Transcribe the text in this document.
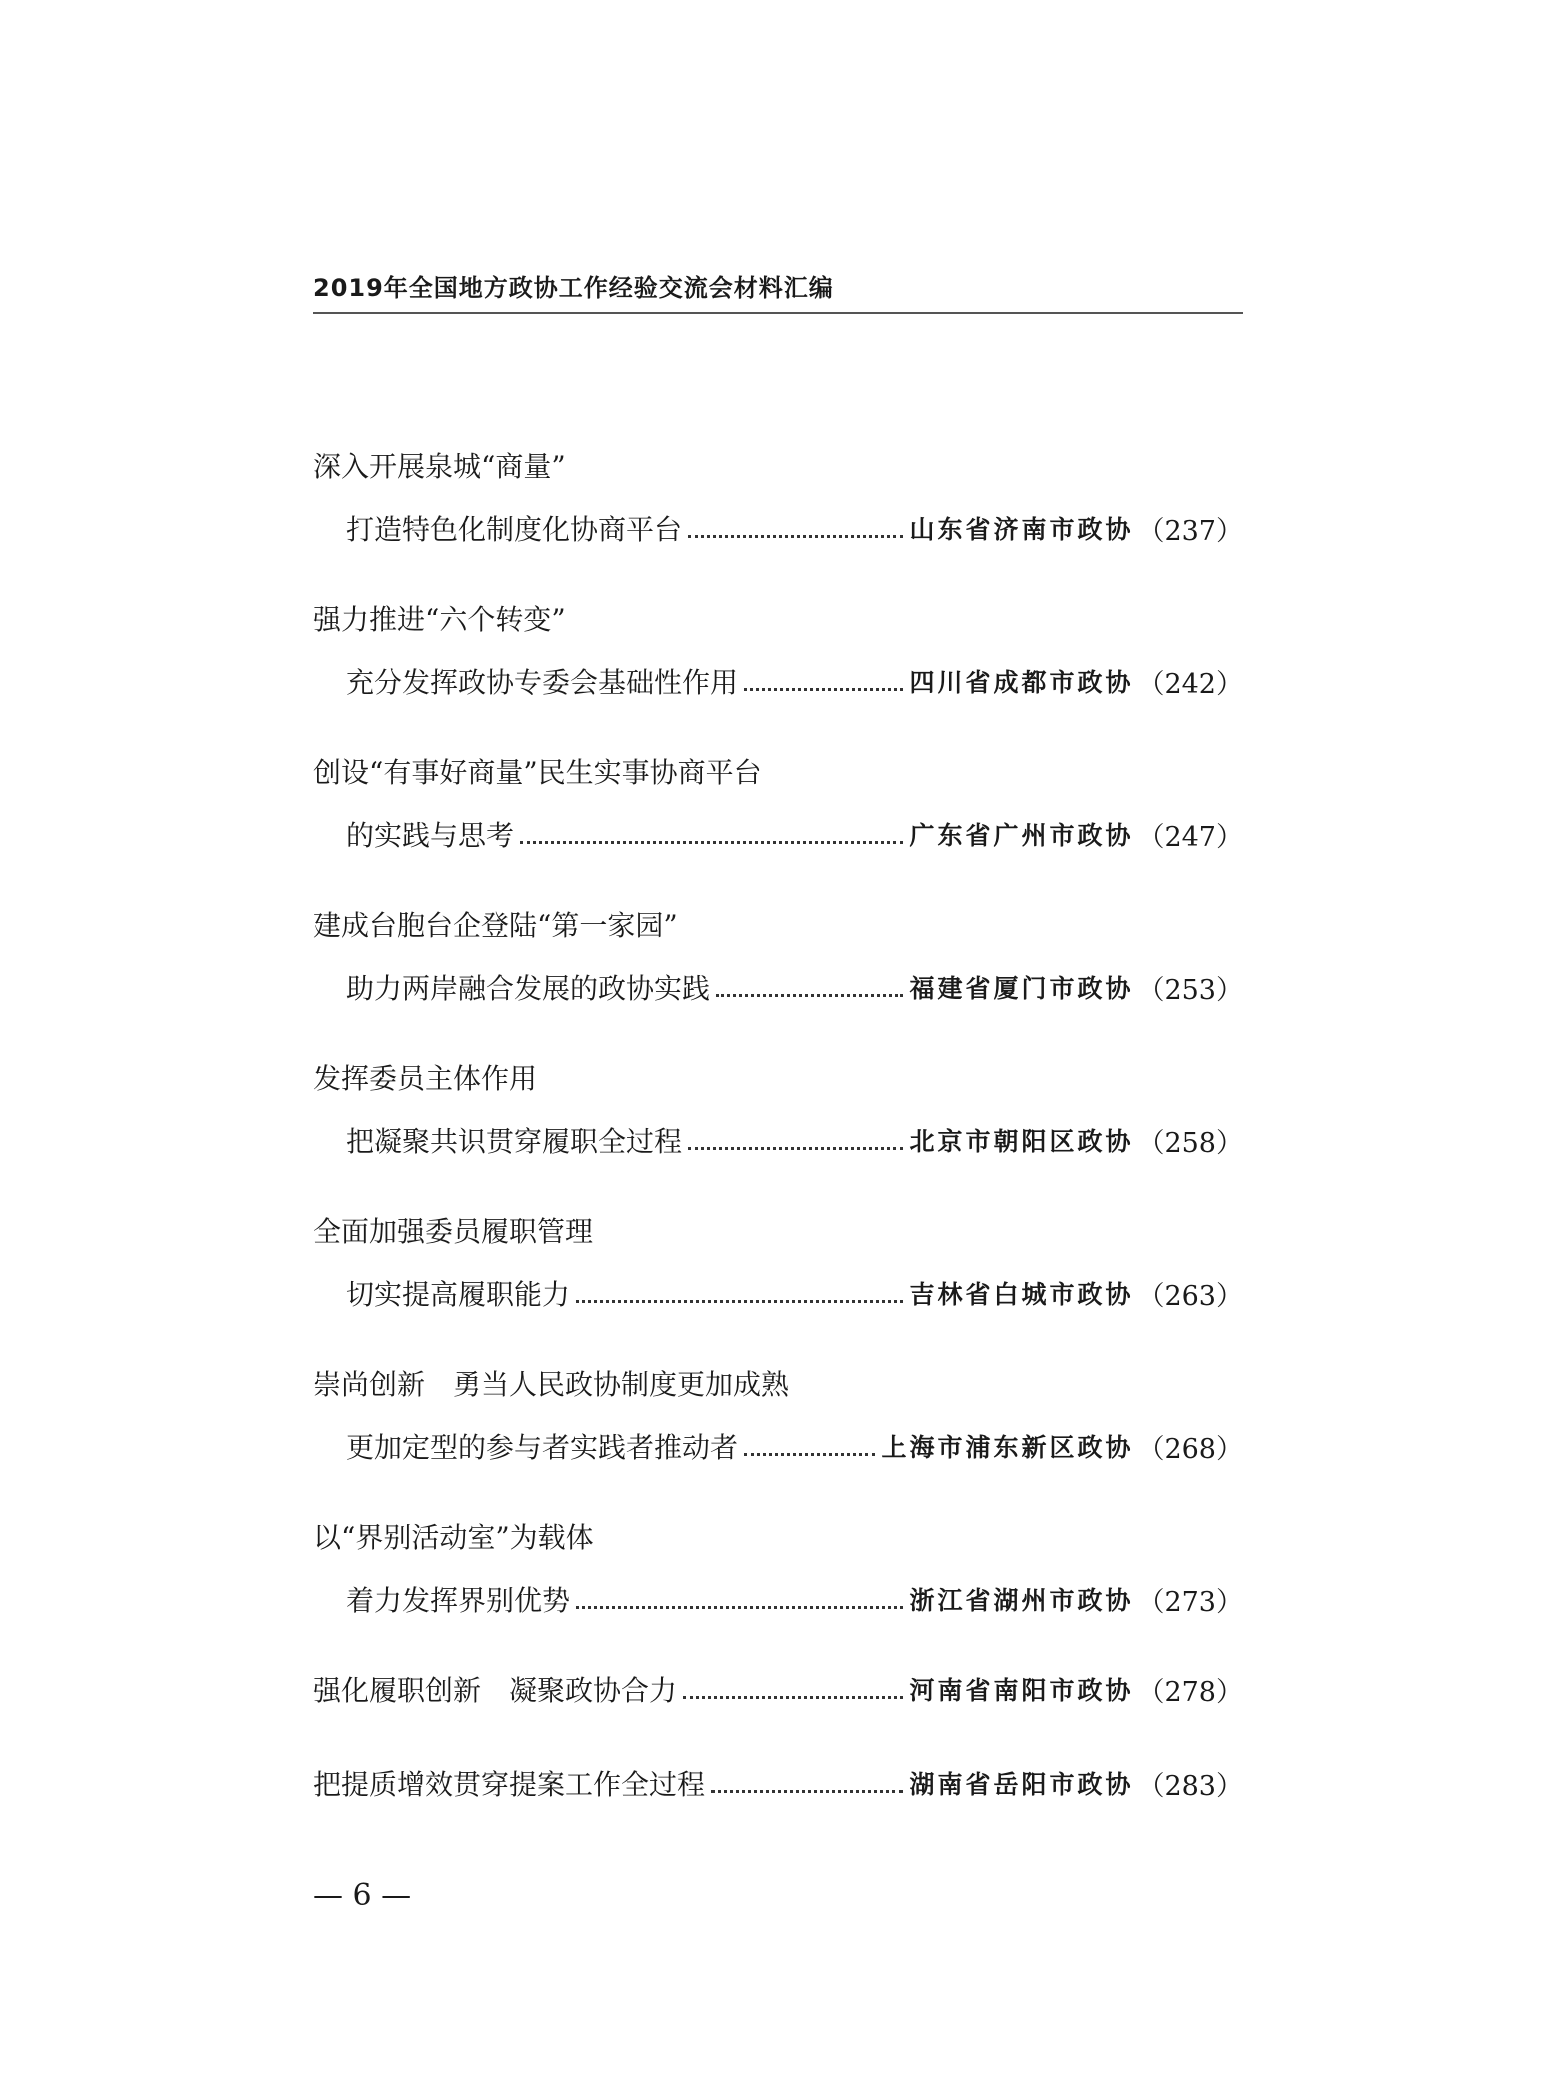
2019年全国地方政协工作经验交流会材料汇编
深入开展泉城“商量”
打造特色化制度化协商平台	山东省济南市政协 （237）
强力推进“六个转变”
充分发挥政协专委会基础性作用	四川省成都市政协 （242）
创设“有事好商量”民生实事协商平台
的实践与思考	广东省广州市政协 （247）
建成台胞台企登陆“第一家园”
助力两岸融合发展的政协实践	福建省厦门市政协 （253）
发挥委员主体作用
把凝聚共识贯穿履职全过程	北京市朝阳区政协 （258）
全面加强委员履职管理
切实提高履职能力	吉林省白城市政协 （263）
崇尚创新　勇当人民政协制度更加成熟
更加定型的参与者实践者推动者	上海市浦东新区政协 （268）
以“界别活动室”为载体
着力发挥界别优势	浙江省湖州市政协 （273）
强化履职创新　凝聚政协合力	河南省南阳市政协 （278）
把提质增效贯穿提案工作全过程	湖南省岳阳市政协 （283）
— 6 —
